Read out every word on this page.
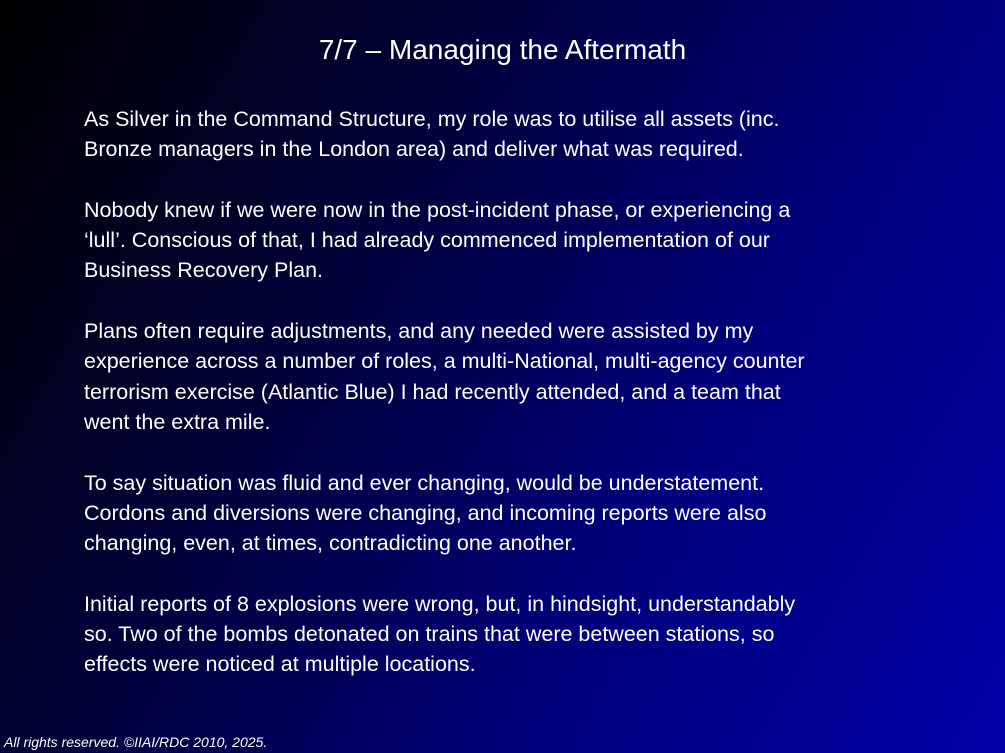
7/7 – Managing the Aftermath

As Silver in the Command Structure, my role was to utilise all assets (inc.
Bronze managers in the London area) and deliver what was required.

Nobody knew if we were now in the post-incident phase, or experiencing a
‘lull’. Conscious of that, I had already commenced implementation of our
Business Recovery Plan.

Plans often require adjustments, and any needed were assisted by my
experience across a number of roles, a multi-National, multi-agency counter
terrorism exercise (Atlantic Blue) I had recently attended, and a team that
went the extra mile.

To say situation was fluid and ever changing, would be understatement.
Cordons and diversions were changing, and incoming reports were also
changing, even, at times, contradicting one another.

Initial reports of 8 explosions were wrong, but, in hindsight, understandably
so. Two of the bombs detonated on trains that were between stations, so
effects were noticed at multiple locations.

All rights reserved. ©IIAI/RDC 2010, 2025.
